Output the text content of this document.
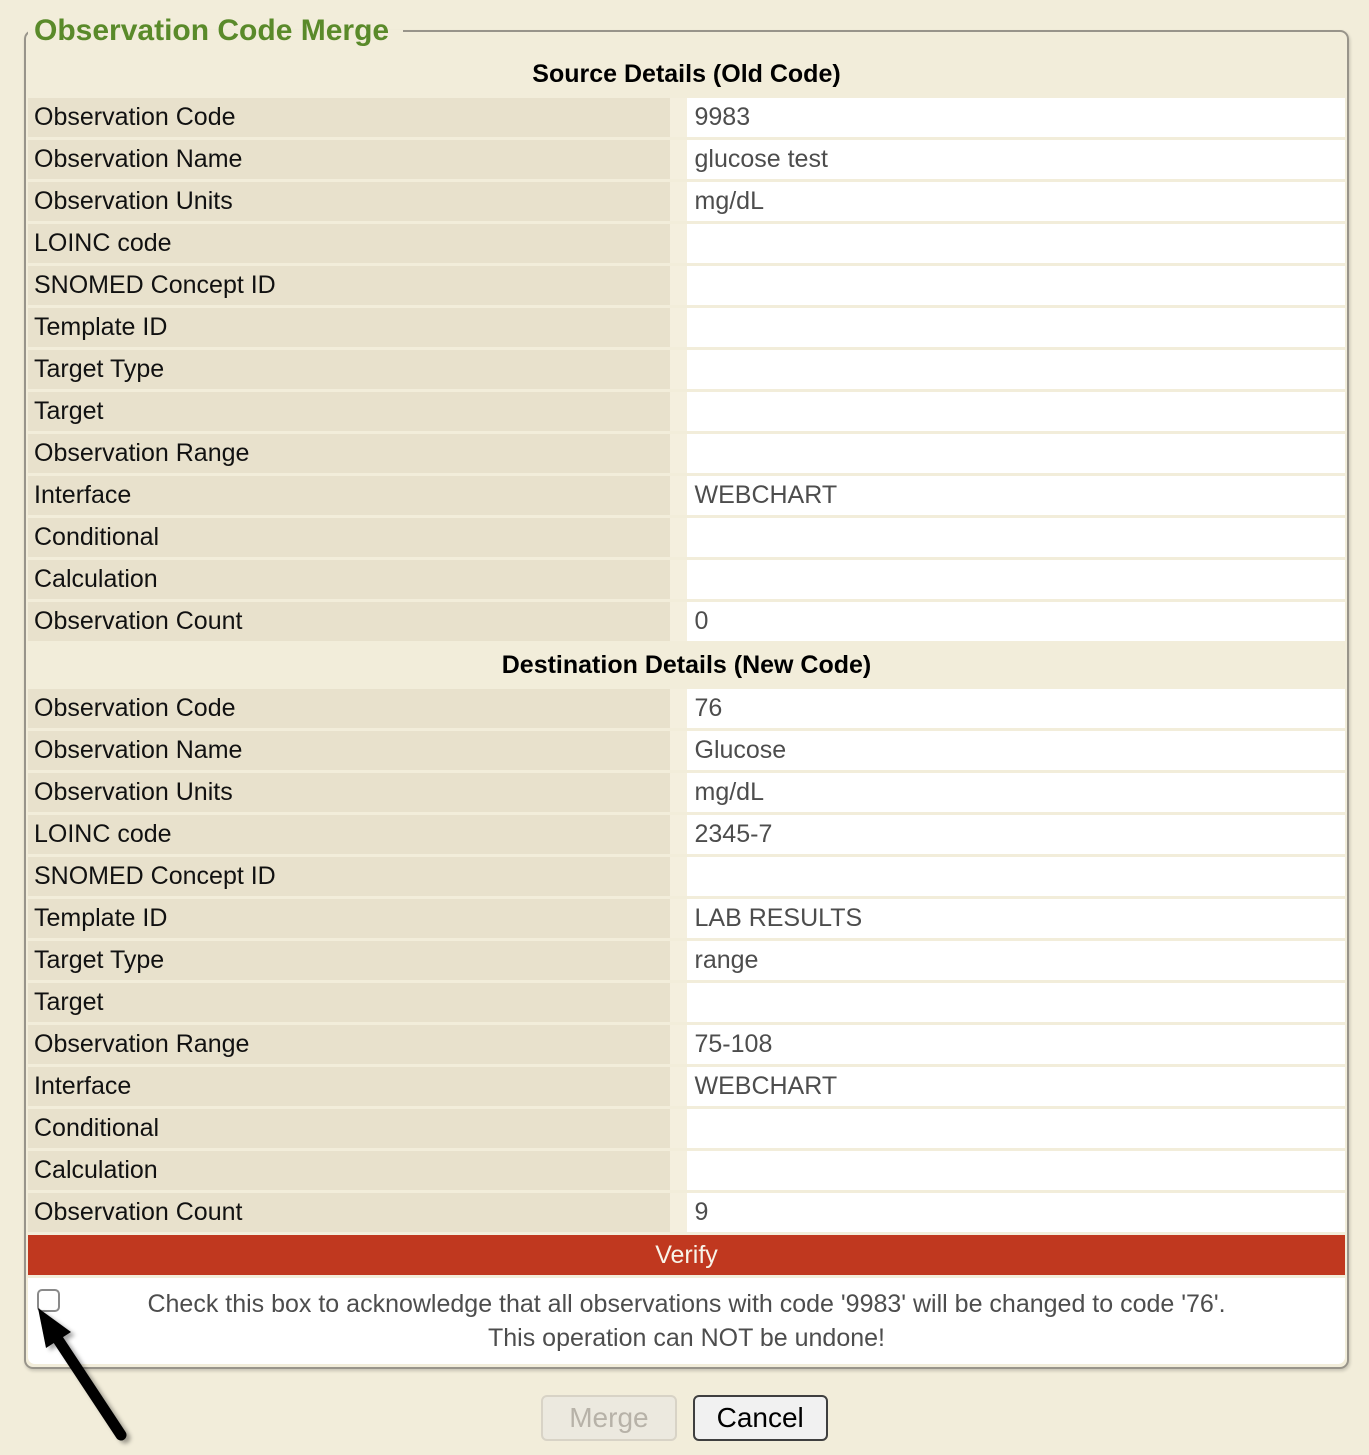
Observation Code Merge
Source Details (Old Code)	
Observation Code	9983
Observation Name	glucose test
Observation Units	mg/dL
LOINC code	
SNOMED Concept ID	
Template ID	
Target Type	
Target	
Observation Range	
Interface	WEBCHART
Conditional	
Calculation	
Observation Count	0
Destination Details (New Code)	
Observation Code	76
Observation Name	Glucose
Observation Units	mg/dL
LOINC code	2345-7
SNOMED Concept ID	
Template ID	LAB RESULTS
Target Type	range
Target	
Observation Range	75-108
Interface	WEBCHART
Conditional	
Calculation	
Observation Count	9
Verify	

Check this box to acknowledge that all observations with code '9983' will be changed to code '76'.
This operation can NOT be undone!	
Merge	Cancel
